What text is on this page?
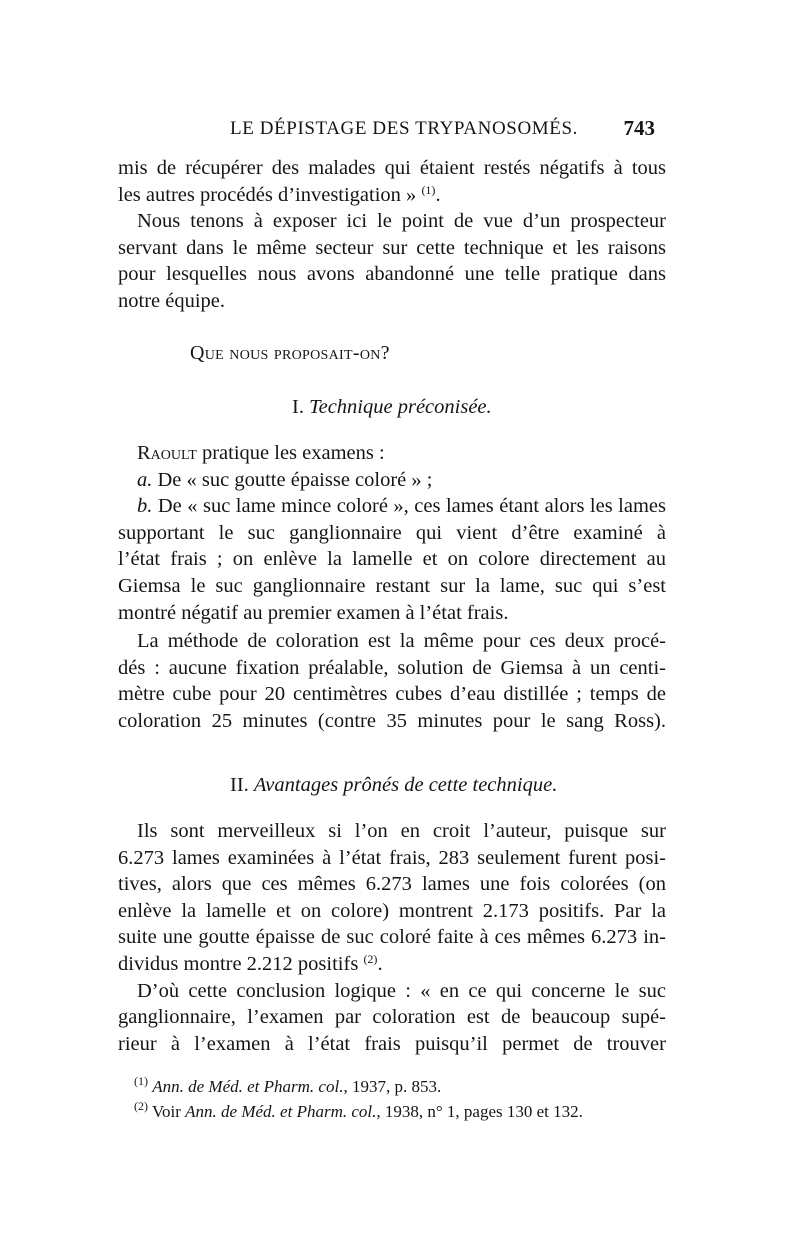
LE DÉPISTAGE DES TRYPANOSOMÉS. 743
mis de récupérer des malades qui étaient restés négatifs à tous
les autres procédés d’investigation » $^{(1)}$.
Nous tenons à exposer ici le point de vue d’un prospecteur
servant dans le même secteur sur cette technique et les raisons
pour lesquelles nous avons abandonné une telle pratique dans
notre équipe.
Que nous proposait-on?
I. Technique préconisée.
Raoult pratique les examens :
a. De « suc goutte épaisse coloré » ;
b. De « suc lame mince coloré », ces lames étant alors les lames
supportant le suc ganglionnaire qui vient d’être examiné à
l’état frais ; on enlève la lamelle et on colore directement au
Giemsa le suc ganglionnaire restant sur la lame, suc qui s’est
montré négatif au premier examen à l’état frais.
La méthode de coloration est la même pour ces deux procé-
dés : aucune fixation préalable, solution de Giemsa à un centi-
mètre cube pour 20 centimètres cubes d’eau distillée ; temps de
coloration 25 minutes (contre 35 minutes pour le sang Ross).
II. Avantages prônés de cette technique.
Ils sont merveilleux si l’on en croit l’auteur, puisque sur
6.273 lames examinées à l’état frais, 283 seulement furent posi-
tives, alors que ces mêmes 6.273 lames une fois colorées (on
enlève la lamelle et on colore) montrent 2.173 positifs. Par la
suite une goutte épaisse de suc coloré faite à ces mêmes 6.273 in-
dividus montre 2.212 positifs $^{(2)}$.
D’où cette conclusion logique : « en ce qui concerne le suc
ganglionnaire, l’examen par coloration est de beaucoup supé-
rieur à l’examen à l’état frais puisqu’il permet de trouver
$^{(1)}$ Ann. de Méd. et Pharm. col., 1937, p. 853.
$^{(2)}$ Voir Ann. de Méd. et Pharm. col., 1938, n° 1, pages 130 et 132.
